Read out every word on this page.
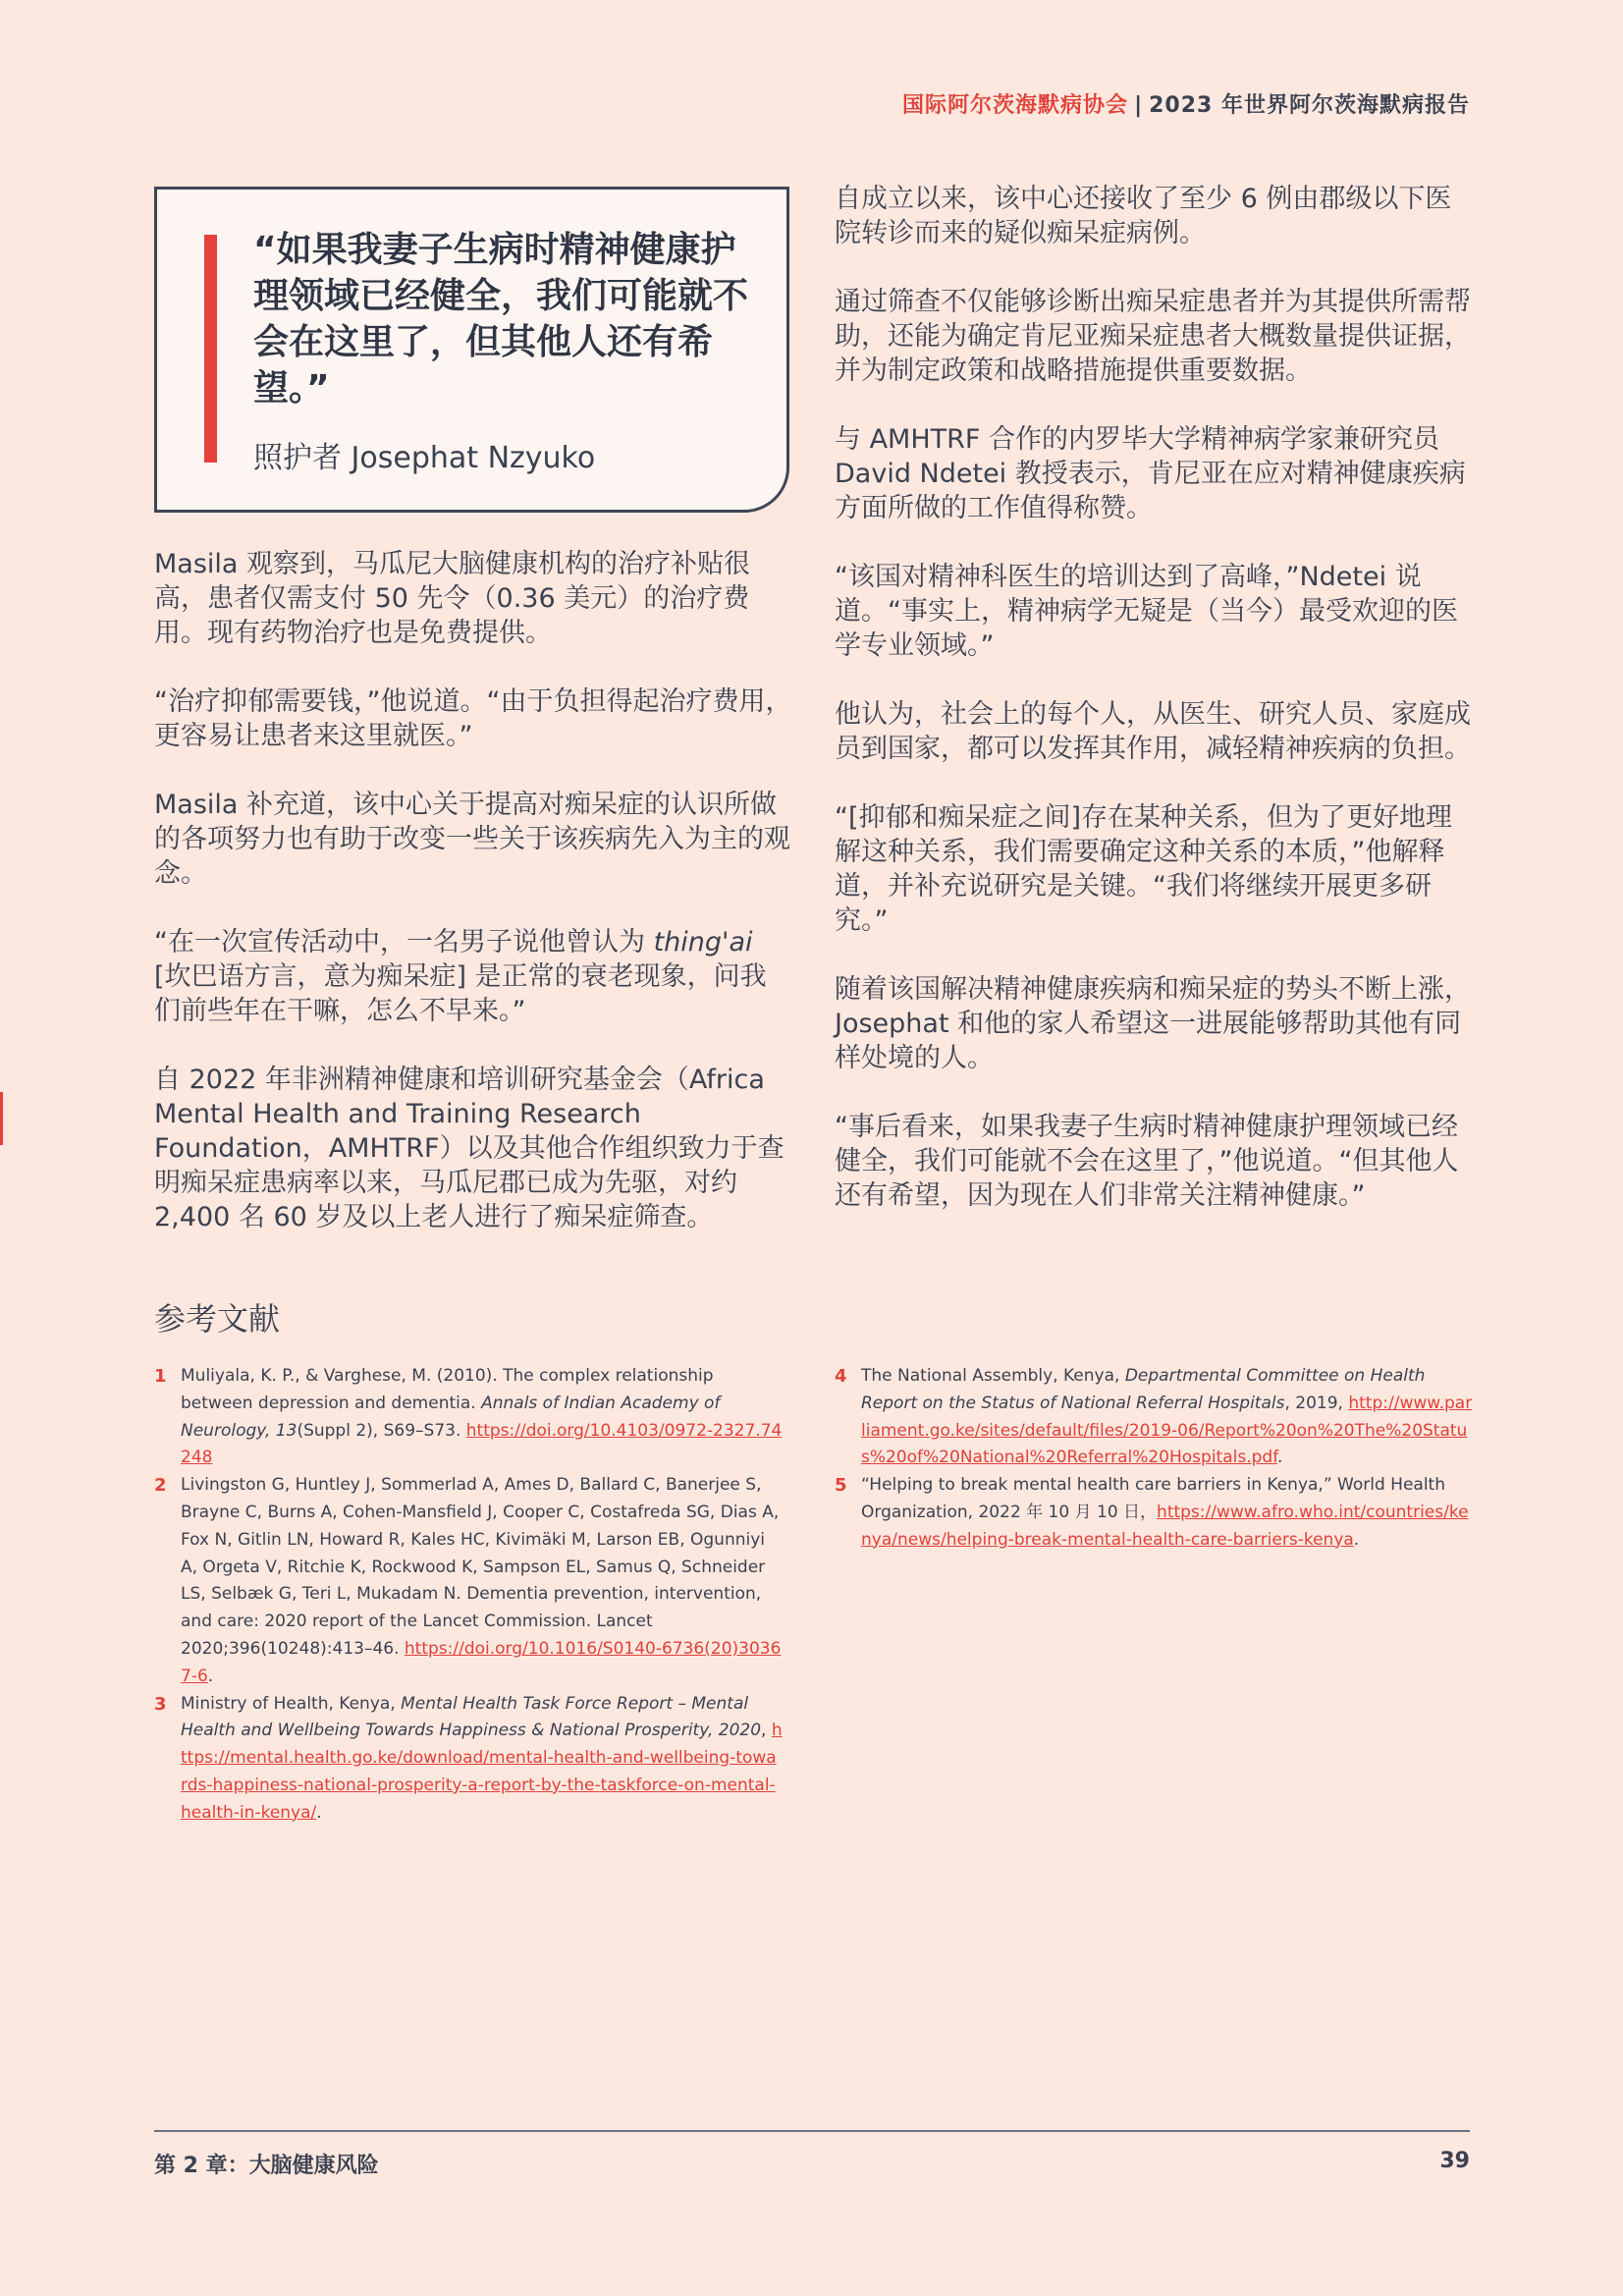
国际阿尔茨海默病协会 | 2023 年世界阿尔茨海默病报告
“如果我妻子生病时精神健康护理领域已经健全，我们可能就不会在这里了，但其他人还有希望。”
照护者 Josephat Nzyuko

Masila 观察到，马瓜尼大脑健康机构的治疗补贴很高，患者仅需支付 50 先令（0.36 美元）的治疗费用。现有药物治疗也是免费提供。

“治疗抑郁需要钱，”他说道。“由于负担得起治疗费用，更容易让患者来这里就医。”

Masila 补充道，该中心关于提高对痴呆症的认识所做的各项努力也有助于改变一些关于该疾病先入为主的观念。

“在一次宣传活动中，一名男子说他曾认为 thing'ai [坎巴语方言，意为痴呆症] 是正常的衰老现象，问我们前些年在干嘛，怎么不早来。”

自 2022 年非洲精神健康和培训研究基金会（Africa Mental Health and Training Research Foundation，AMHTRF）以及其他合作组织致力于查明痴呆症患病率以来，马瓜尼郡已成为先驱，对约 2,400 名 60 岁及以上老人进行了痴呆症筛查。

自成立以来，该中心还接收了至少 6 例由郡级以下医院转诊而来的疑似痴呆症病例。

通过筛查不仅能够诊断出痴呆症患者并为其提供所需帮助，还能为确定肯尼亚痴呆症患者大概数量提供证据，并为制定政策和战略措施提供重要数据。

与 AMHTRF 合作的内罗毕大学精神病学家兼研究员 David Ndetei 教授表示，肯尼亚在应对精神健康疾病方面所做的工作值得称赞。

“该国对精神科医生的培训达到了高峰，”Ndetei 说道。“事实上，精神病学无疑是（当今）最受欢迎的医学专业领域。”

他认为，社会上的每个人，从医生、研究人员、家庭成员到国家，都可以发挥其作用，减轻精神疾病的负担。

“[抑郁和痴呆症之间]存在某种关系，但为了更好地理解这种关系，我们需要确定这种关系的本质，”他解释道，并补充说研究是关键。“我们将继续开展更多研究。”

随着该国解决精神健康疾病和痴呆症的势头不断上涨，Josephat 和他的家人希望这一进展能够帮助其他有同样处境的人。

“事后看来，如果我妻子生病时精神健康护理领域已经健全，我们可能就不会在这里了，”他说道。“但其他人还有希望，因为现在人们非常关注精神健康。”

参考文献
1 Muliyala, K. P., & Varghese, M. (2010). The complex relationship between depression and dementia. Annals of Indian Academy of Neurology, 13(Suppl 2), S69–S73. https://doi.org/10.4103/0972-2327.74248
2 Livingston G, Huntley J, Sommerlad A, Ames D, Ballard C, Banerjee S, Brayne C, Burns A, Cohen-Mansfield J, Cooper C, Costafreda SG, Dias A, Fox N, Gitlin LN, Howard R, Kales HC, Kivimäki M, Larson EB, Ogunniyi A, Orgeta V, Ritchie K, Rockwood K, Sampson EL, Samus Q, Schneider LS, Selbæk G, Teri L, Mukadam N. Dementia prevention, intervention, and care: 2020 report of the Lancet Commission. Lancet 2020;396(10248):413–46. https://doi.org/10.1016/S0140-6736(20)30367-6.
3 Ministry of Health, Kenya, Mental Health Task Force Report – Mental Health and Wellbeing Towards Happiness & National Prosperity, 2020, https://mental.health.go.ke/download/mental-health-and-wellbeing-towards-happiness-national-prosperity-a-report-by-the-taskforce-on-mental-health-in-kenya/.
4 The National Assembly, Kenya, Departmental Committee on Health Report on the Status of National Referral Hospitals, 2019, http://www.parliament.go.ke/sites/default/files/2019-06/Report%20on%20The%20Status%20of%20National%20Referral%20Hospitals.pdf.
5 “Helping to break mental health care barriers in Kenya,” World Health Organization, 2022 年 10 月 10 日，https://www.afro.who.int/countries/kenya/news/helping-break-mental-health-care-barriers-kenya.
第 2 章：大脑健康风险	39
